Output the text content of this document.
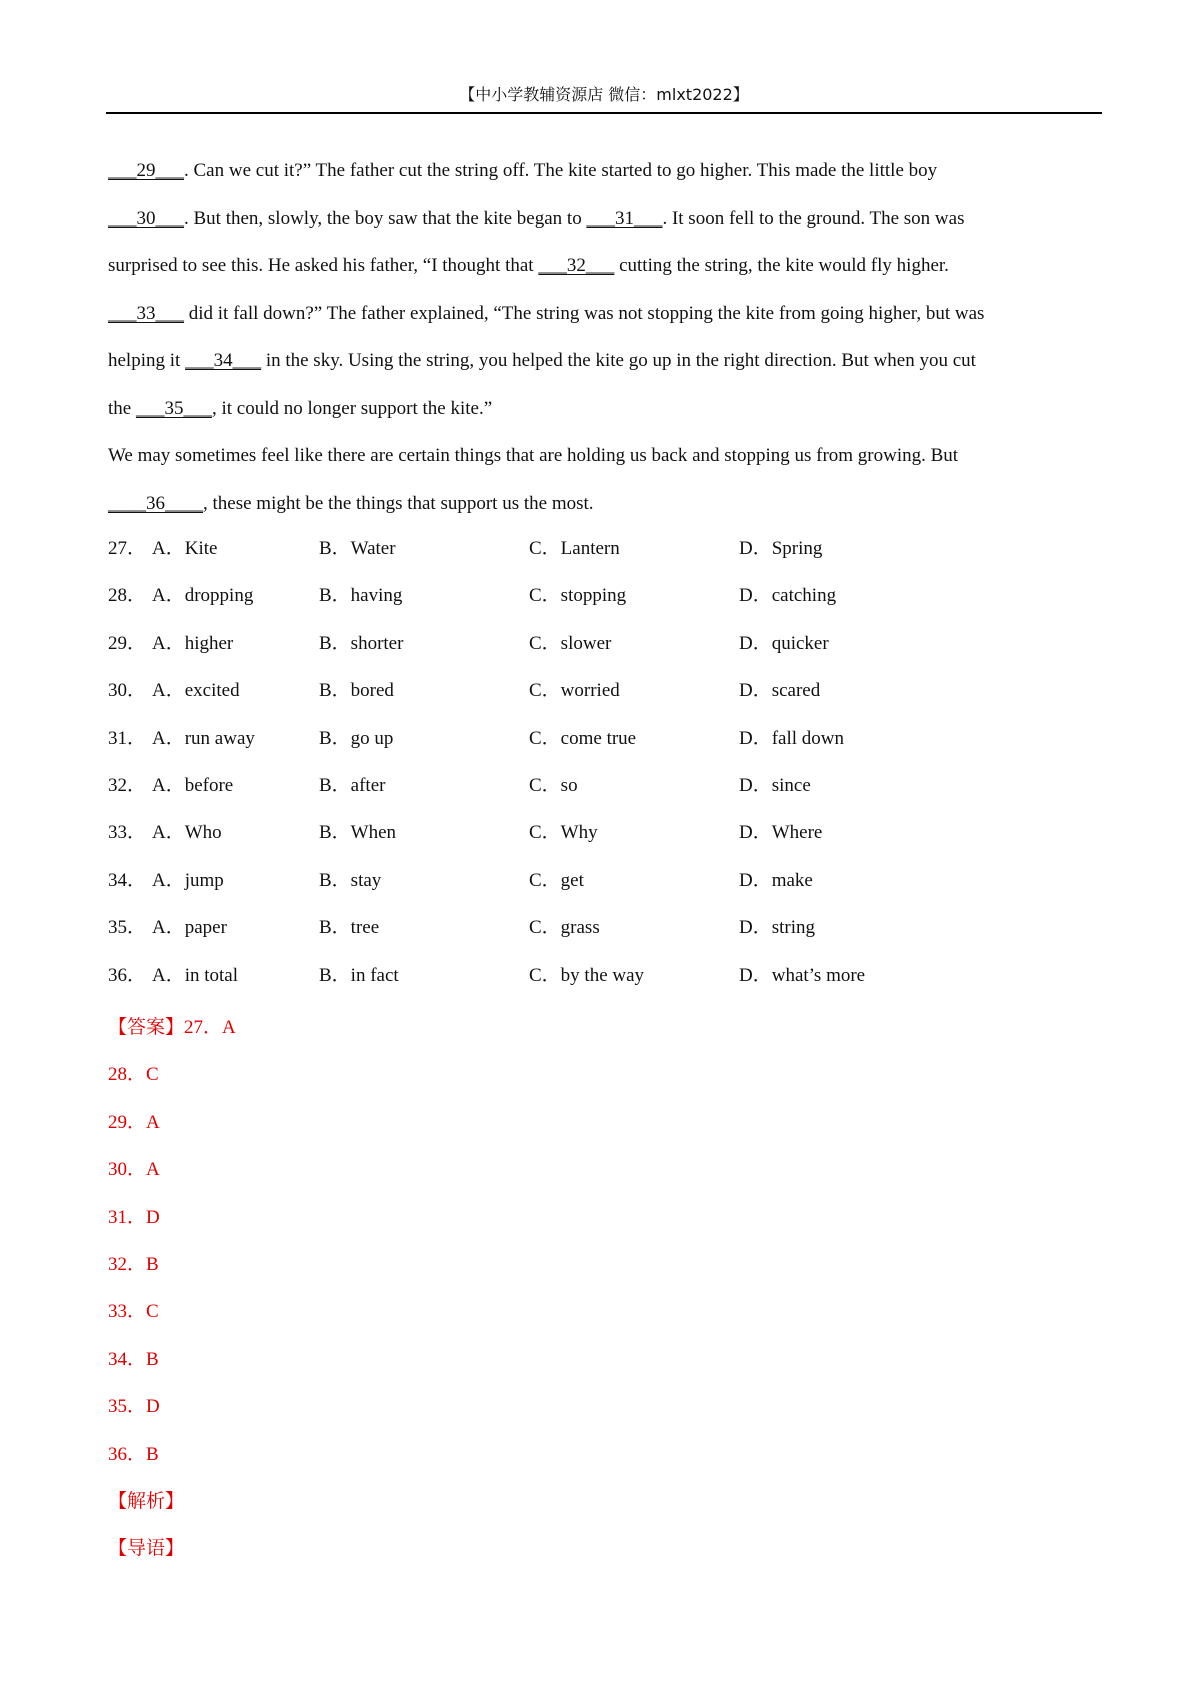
【中小学教辅资源店 微信：mlxt2022】
___29___. Can we cut it?” The father cut the string off. The kite started to go higher. This made the little boy
___30___. But then, slowly, the boy saw that the kite began to ___31___. It soon fell to the ground. The son was
surprised to see this. He asked his father, “I thought that ___32___ cutting the string, the kite would fly higher.
___33___ did it fall down?” The father explained, “The string was not stopping the kite from going higher, but was
helping it ___34___ in the sky. Using the string, you helped the kite go up in the right direction. But when you cut
the ___35___, it could no longer support the kite.”
We may sometimes feel like there are certain things that are holding us back and stopping us from growing. But
____36____, these might be the things that support us the most.
27． A．Kite	B．Water	C．Lantern	D．Spring
28． A．dropping	B．having	C．stopping	D．catching
29． A．higher	B．shorter	C．slower	D．quicker
30． A．excited	B．bored	C．worried	D．scared
31． A．run away	B．go up	C．come true	D．fall down
32． A．before	B．after	C．so	D．since
33． A．Who	B．When	C．Why	D．Where
34． A．jump	B．stay	C．get	D．make
35． A．paper	B．tree	C．grass	D．string
36． A．in total	B．in fact	C．by the way	D．what’s more
【答案】27．A
28．C
29．A
30．A
31．D
32．B
33．C
34．B
35．D
36．B
【解析】
【导语】
